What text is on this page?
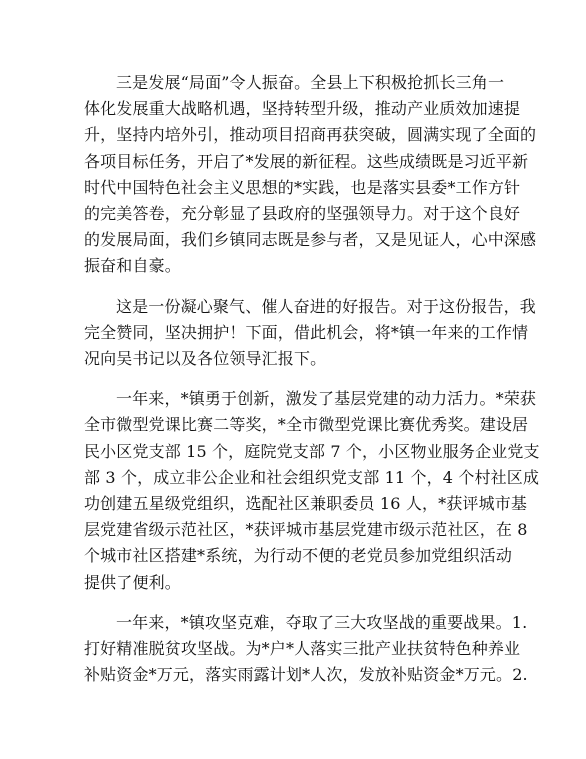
三是发展“局面”令人振奋。全县上下积极抢抓长三角一
体化发展重大战略机遇，坚持转型升级，推动产业质效加速提
升，坚持内培外引，推动项目招商再获突破，圆满实现了全面的
各项目标任务，开启了*发展的新征程。这些成绩既是习近平新
时代中国特色社会主义思想的*实践，也是落实县委*工作方针
的完美答卷，充分彰显了县政府的坚强领导力。对于这个良好
的发展局面，我们乡镇同志既是参与者，又是见证人，心中深感
振奋和自豪。
这是一份凝心聚气、催人奋进的好报告。对于这份报告，我
完全赞同，坚决拥护！下面，借此机会，将*镇一年来的工作情
况向吴书记以及各位领导汇报下。
一年来，*镇勇于创新，激发了基层党建的动力活力。*荣获
全市微型党课比赛二等奖，*全市微型党课比赛优秀奖。建设居
民小区党支部 15 个，庭院党支部 7 个，小区物业服务企业党支
部 3 个，成立非公企业和社会组织党支部 11 个，4 个村社区成
功创建五星级党组织，选配社区兼职委员 16 人，*获评城市基
层党建省级示范社区，*获评城市基层党建市级示范社区，在 8
个城市社区搭建*系统，为行动不便的老党员参加党组织活动
提供了便利。
一年来，*镇攻坚克难，夺取了三大攻坚战的重要战果。1.
打好精准脱贫攻坚战。为*户*人落实三批产业扶贫特色种养业
补贴资金*万元，落实雨露计划*人次，发放补贴资金*万元。2.
